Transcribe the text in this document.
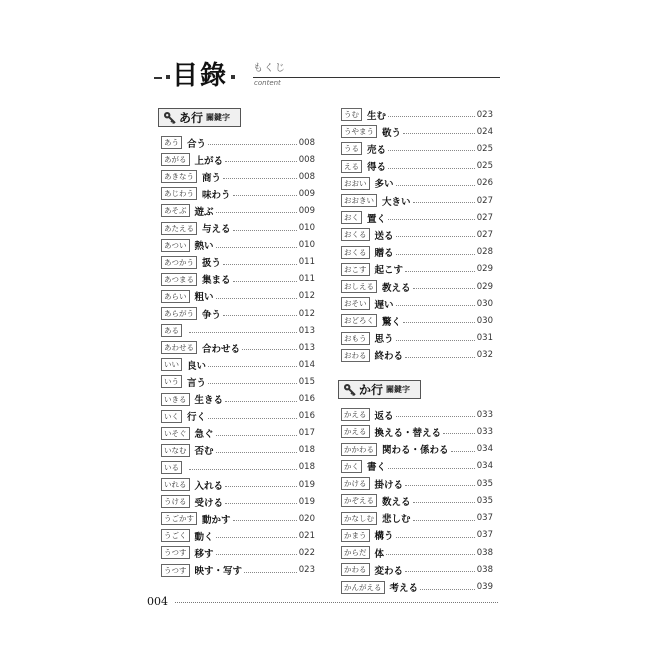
目錄 もくじ
content
あ行 關鍵字
か行 關鍵字
あう 合う	008
あがる 上がる	008
あきなう 商う	008
あじわう 味わう	009
あそぶ 遊ぶ	009
あたえる 与える	010
あつい 熱い	010
あつかう 扱う	011
あつまる 集まる	011
あらい 粗い	012
あらがう 争う	012
ある	013
あわせる 合わせる	013
いい 良い	014
いう 言う	015
いきる 生きる	016
いく 行く	016
いそぐ 急ぐ	017
いなむ 否む	018
いる	018
いれる 入れる	019
うける 受ける	019
うごかす 動かす	020
うごく 動く	021
うつす 移す	022
うつす 映す・写す	023
うむ 生む	023
うやまう 敬う	024
うる 売る	025
える 得る	025
おおい 多い	026
おおきい 大きい	027
おく 置く	027
おくる 送る	027
おくる 贈る	028
おこす 起こす	029
おしえる 教える	029
おそい 遅い	030
おどろく 驚く	030
おもう 思う	031
おわる 終わる	032
かえる 返る	033
かえる 換える・替える	033
かかわる 関わる・係わる	034
かく 書く	034
かける 掛ける	035
かぞえる 数える	035
かなしむ 悲しむ	037
かまう 構う	037
からだ 体	038
かわる 変わる	038
かんがえる 考える	039
004
